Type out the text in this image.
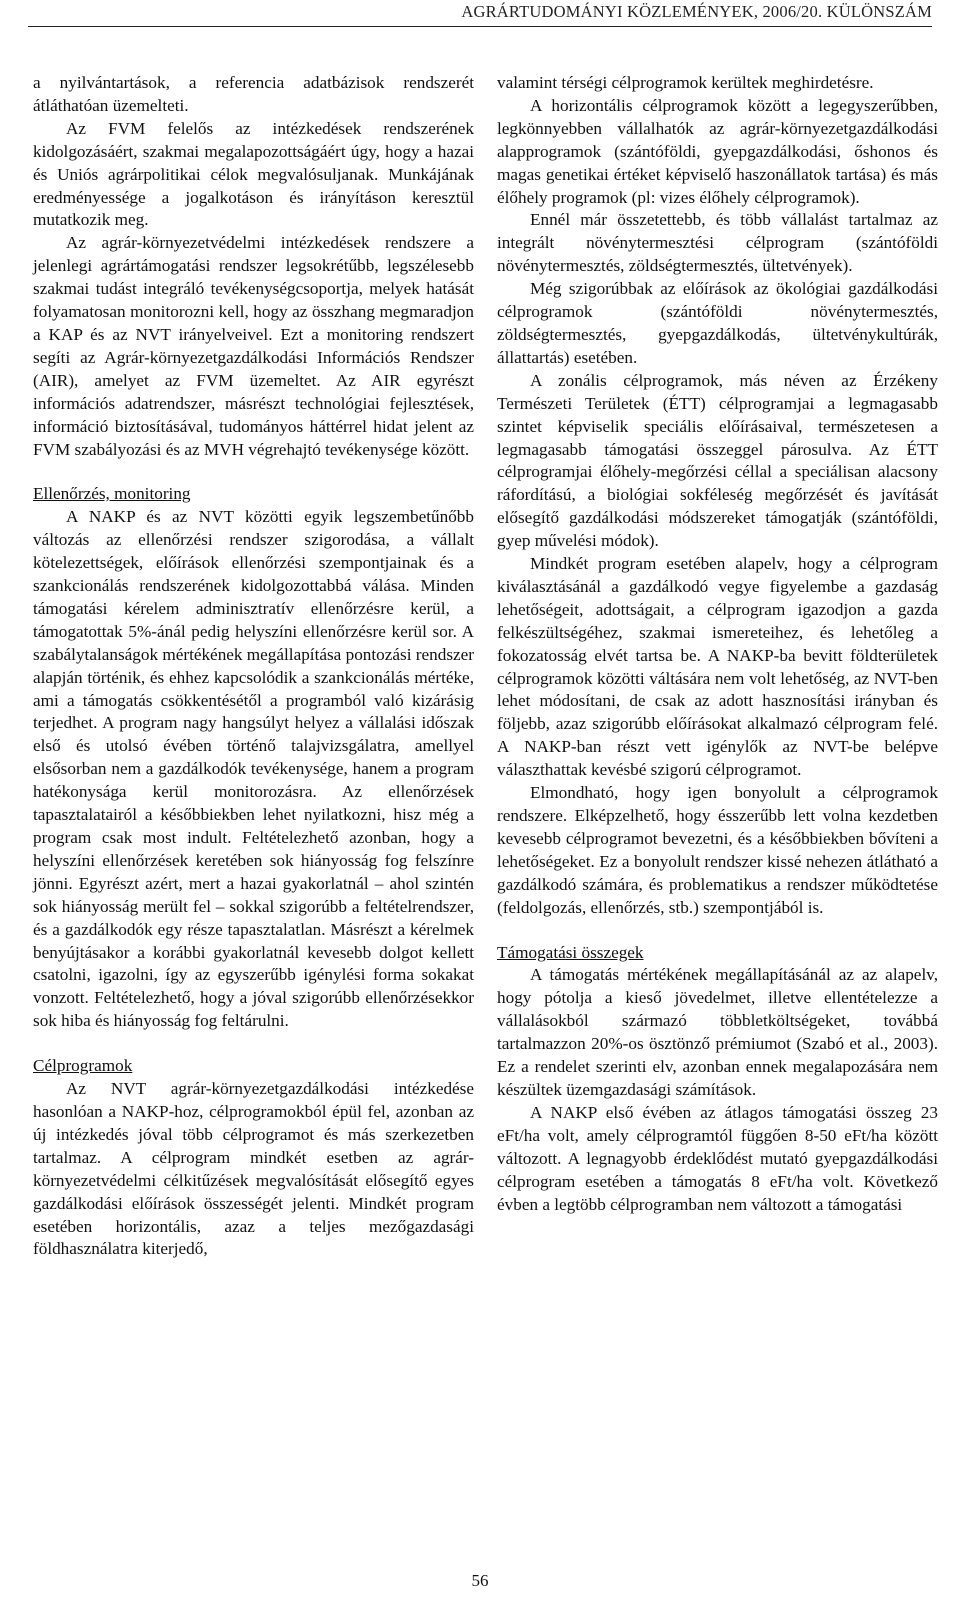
AGRÁRTUDOMÁNYI KÖZLEMÉNYEK, 2006/20. KÜLÖNSZÁM

a nyilvántartások, a referencia adatbázisok rendszerét átláthatóan üzemelteti.

Az FVM felelős az intézkedések rendszerének kidolgozásáért, szakmai megalapozottságáért úgy, hogy a hazai és Uniós agrárpolitikai célok megvalósuljanak. Munkájának eredményessége a jogalkotáson és irányításon keresztül mutatkozik meg.

Az agrár-környezetvédelmi intézkedések rendszere a jelenlegi agrártámogatási rendszer legsokrétűbb, legszélesebb szakmai tudást integráló tevékenységcsoportja, melyek hatását folyamatosan monitorozni kell, hogy az összhang megmaradjon a KAP és az NVT irányelveivel. Ezt a monitoring rendszert segíti az Agrár-környezetgazdálkodási Információs Rendszer (AIR), amelyet az FVM üzemeltet. Az AIR egyrészt információs adatrendszer, másrészt technológiai fejlesztések, információ biztosításával, tudományos háttérrel hidat jelent az FVM szabályozási és az MVH végrehajtó tevékenysége között.

Ellenőrzés, monitoring

A NAKP és az NVT közötti egyik legszembetűnőbb változás az ellenőrzési rendszer szigorodása, a vállalt kötelezettségek, előírások ellenőrzési szempontjainak és a szankcionálás rendszerének kidolgozottabbá válása. Minden támogatási kérelem adminisztratív ellenőrzésre kerül, a támogatottak 5%-ánál pedig helyszíni ellenőrzésre kerül sor. A szabálytalanságok mértékének megállapítása pontozási rendszer alapján történik, és ehhez kapcsolódik a szankcionálás mértéke, ami a támogatás csökkentésétől a programból való kizárásig terjedhet. A program nagy hangsúlyt helyez a vállalási időszak első és utolsó évében történő talajvizsgálatra, amellyel elsősorban nem a gazdálkodók tevékenysége, hanem a program hatékonysága kerül monitorozásra. Az ellenőrzések tapasztalatairól a későbbiekben lehet nyilatkozni, hisz még a program csak most indult. Feltételezhető azonban, hogy a helyszíni ellenőrzések keretében sok hiányosság fog felszínre jönni. Egyrészt azért, mert a hazai gyakorlatnál – ahol szintén sok hiányosság merült fel – sokkal szigorúbb a feltételrendszer, és a gazdálkodók egy része tapasztalatlan. Másrészt a kérelmek benyújtásakor a korábbi gyakorlatnál kevesebb dolgot kellett csatolni, igazolni, így az egyszerűbb igénylési forma sokakat vonzott. Feltételezhető, hogy a jóval szigorúbb ellenőrzésekkor sok hiba és hiányosság fog feltárulni.

Célprogramok

Az NVT agrár-környezetgazdálkodási intézkedése hasonlóan a NAKP-hoz, célprogramokból épül fel, azonban az új intézkedés jóval több célprogramot és más szerkezetben tartalmaz. A célprogram mindkét esetben az agrár-környezetvédelmi célkitűzések megvalósítását elősegítő egyes gazdálkodási előírások összességét jelenti. Mindkét program esetében horizontális, azaz a teljes mezőgazdasági földhasználatra kiterjedő,

valamint térségi célprogramok kerültek meghirdetésre.

A horizontális célprogramok között a legegyszerűbben, legkönnyebben vállalhatók az agrár-környezetgazdálkodási alapprogramok (szántóföldi, gyepgazdálkodási, őshonos és magas genetikai értéket képviselő haszonállatok tartása) és más élőhely programok (pl: vizes élőhely célprogramok).

Ennél már összetettebb, és több vállalást tartalmaz az integrált növénytermesztési célprogram (szántóföldi növénytermesztés, zöldségtermesztés, ültetvények).

Még szigorúbbak az előírások az ökológiai gazdálkodási célprogramok (szántóföldi növénytermesztés, zöldségtermesztés, gyepgazdálkodás, ültetvénykultúrák, állattartás) esetében.

A zonális célprogramok, más néven az Érzékeny Természeti Területek (ÉTT) célprogramjai a legmagasabb szintet képviselik speciális előírásaival, természetesen a legmagasabb támogatási összeggel párosulva. Az ÉTT célprogramjai élőhely-megőrzési céllal a speciálisan alacsony ráfordítású, a biológiai sokféleség megőrzését és javítását elősegítő gazdálkodási módszereket támogatják (szántóföldi, gyep művelési módok).

Mindkét program esetében alapelv, hogy a célprogram kiválasztásánál a gazdálkodó vegye figyelembe a gazdaság lehetőségeit, adottságait, a célprogram igazodjon a gazda felkészültségéhez, szakmai ismereteihez, és lehetőleg a fokozatosság elvét tartsa be. A NAKP-ba bevitt földterületek célprogramok közötti váltására nem volt lehetőség, az NVT-ben lehet módosítani, de csak az adott hasznosítási irányban és följebb, azaz szigorúbb előírásokat alkalmazó célprogram felé. A NAKP-ban részt vett igénylők az NVT-be belépve választhattak kevésbé szigorú célprogramot.

Elmondható, hogy igen bonyolult a célprogramok rendszere. Elképzelhető, hogy ésszerűbb lett volna kezdetben kevesebb célprogramot bevezetni, és a későbbiekben bővíteni a lehetőségeket. Ez a bonyolult rendszer kissé nehezen átlátható a gazdálkodó számára, és problematikus a rendszer működtetése (feldolgozás, ellenőrzés, stb.) szempontjából is.

Támogatási összegek

A támogatás mértékének megállapításánál az az alapelv, hogy pótolja a kieső jövedelmet, illetve ellentételezze a vállalásokból származó többletköltségeket, továbbá tartalmazzon 20%-os ösztönző prémiumot (Szabó et al., 2003). Ez a rendelet szerinti elv, azonban ennek megalapozására nem készültek üzemgazdasági számítások.

A NAKP első évében az átlagos támogatási összeg 23 eFt/ha volt, amely célprogramtól függően 8-50 eFt/ha között változott. A legnagyobb érdeklődést mutató gyepgazdálkodási célprogram esetében a támogatás 8 eFt/ha volt. Következő évben a legtöbb célprogramban nem változott a támogatási

56
